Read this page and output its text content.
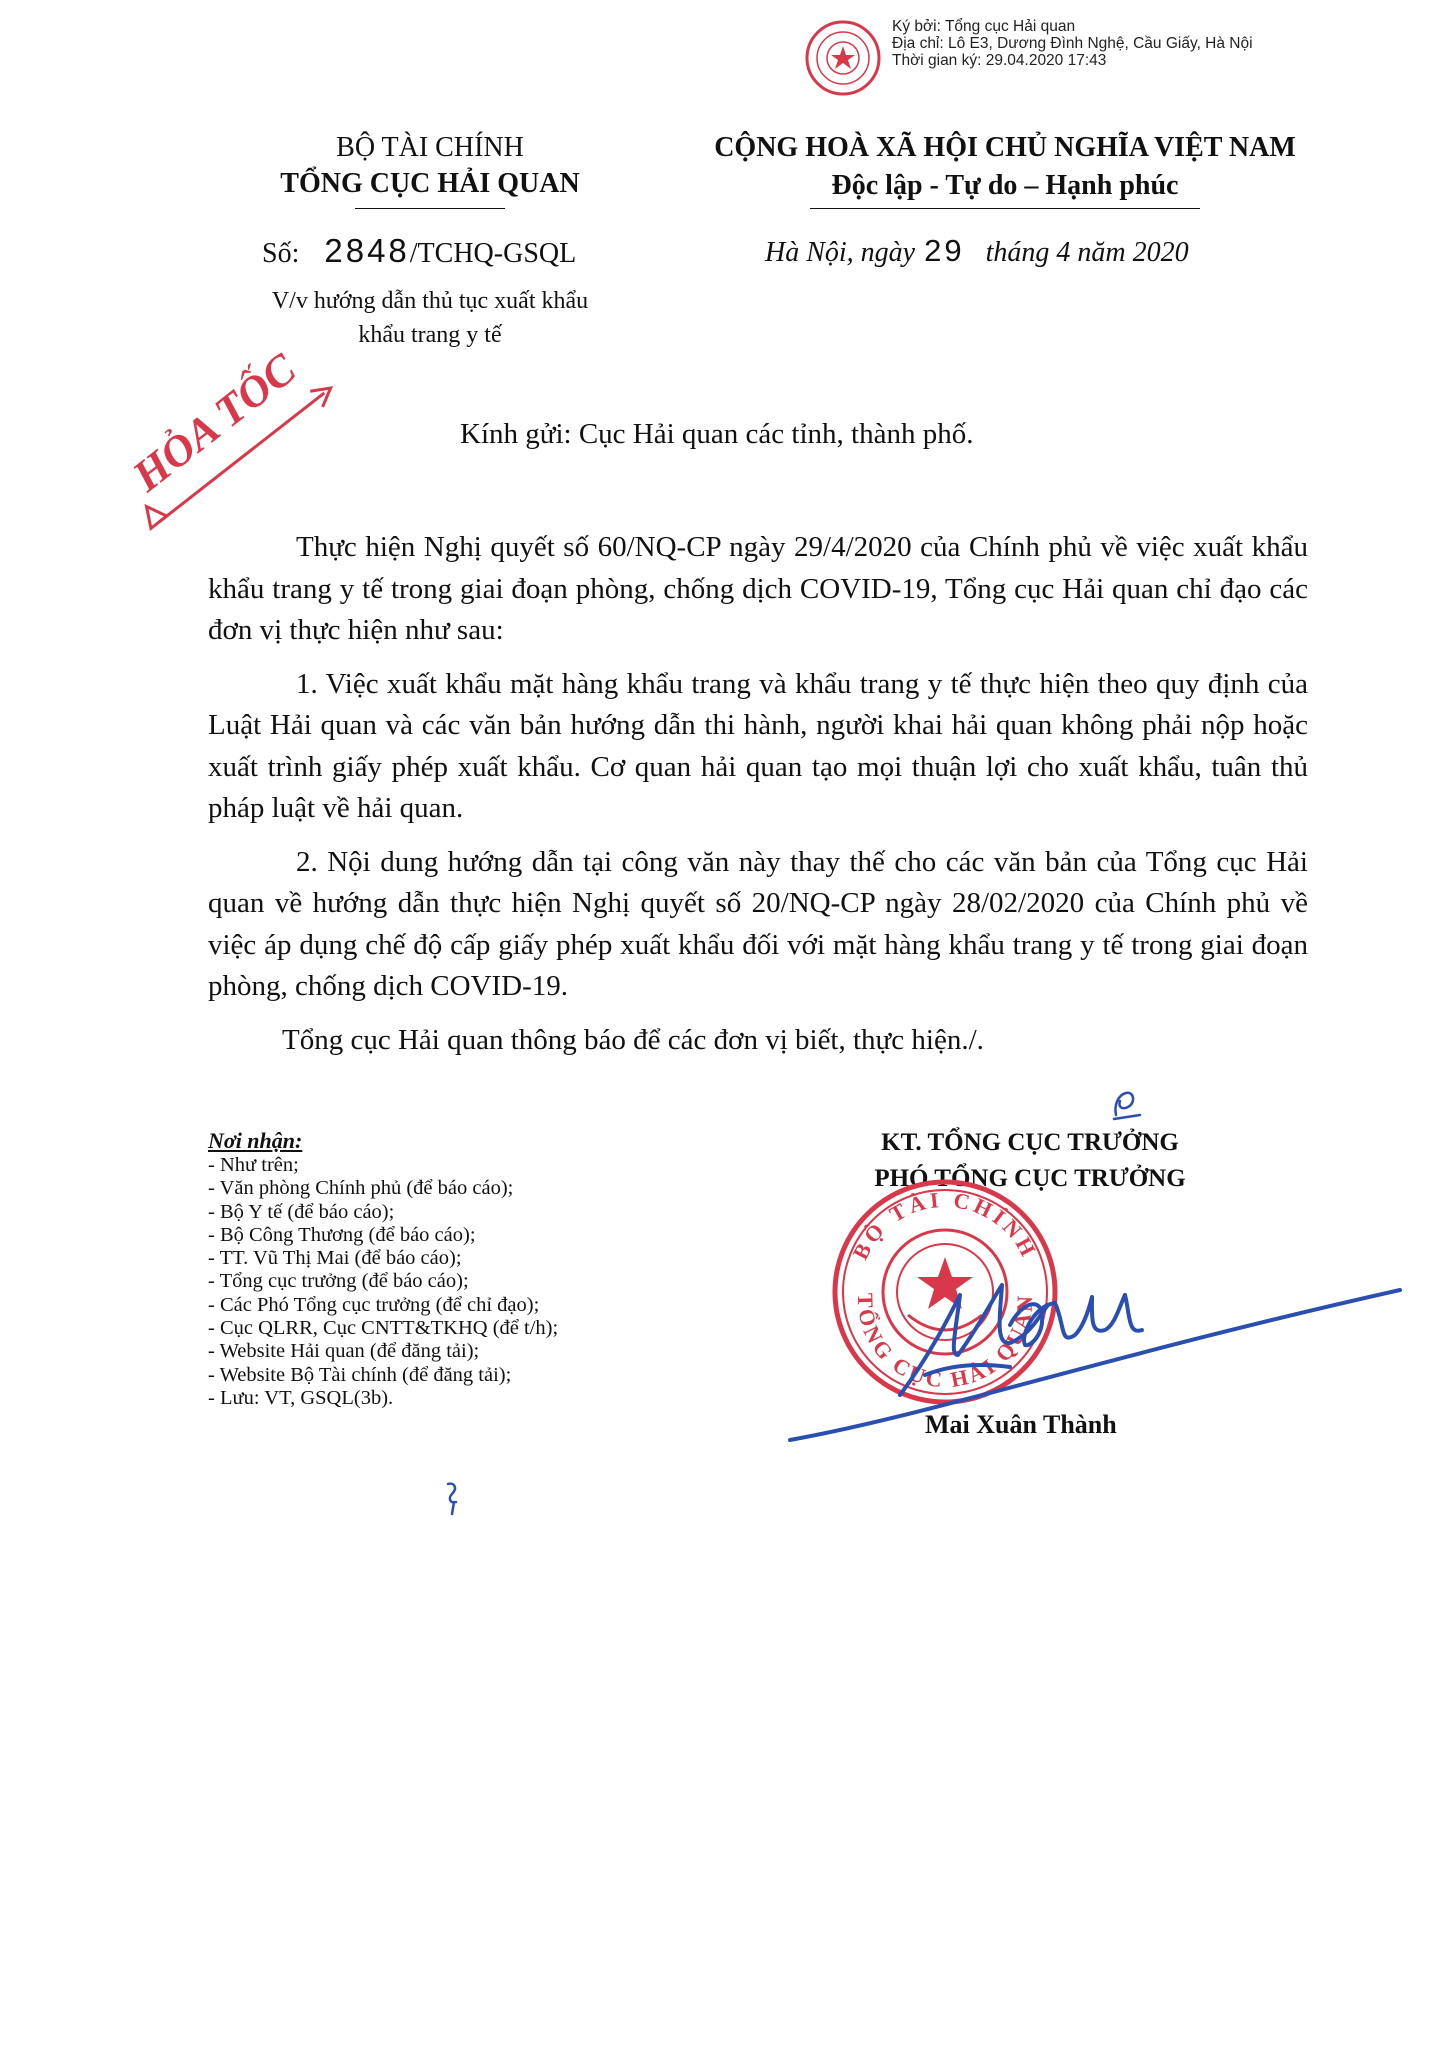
Ký bởi: Tổng cục Hải quan
Địa chỉ: Lô E3, Dương Đình Nghệ, Cầu Giấy, Hà Nội
Thời gian ký: 29.04.2020 17:43
BỘ TÀI CHÍNH
TỔNG CỤC HẢI QUAN
CỘNG HOÀ XÃ HỘI CHỦ NGHĨA VIỆT NAM
Độc lập - Tự do – Hạnh phúc
Số: 2848/TCHQ-GSQL	Hà Nội, ngày 29 tháng 4 năm 2020
V/v hướng dẫn thủ tục xuất khẩu
khẩu trang y tế
HỎA TỐC	Kính gửi: Cục Hải quan các tỉnh, thành phố.

Thực hiện Nghị quyết số 60/NQ-CP ngày 29/4/2020 của Chính phủ về việc xuất khẩu khẩu trang y tế trong giai đoạn phòng, chống dịch COVID-19, Tổng cục Hải quan chỉ đạo các đơn vị thực hiện như sau:

1. Việc xuất khẩu mặt hàng khẩu trang và khẩu trang y tế thực hiện theo quy định của Luật Hải quan và các văn bản hướng dẫn thi hành, người khai hải quan không phải nộp hoặc xuất trình giấy phép xuất khẩu. Cơ quan hải quan tạo mọi thuận lợi cho xuất khẩu, tuân thủ pháp luật về hải quan.

2. Nội dung hướng dẫn tại công văn này thay thế cho các văn bản của Tổng cục Hải quan về hướng dẫn thực hiện Nghị quyết số 20/NQ-CP ngày 28/02/2020 của Chính phủ về việc áp dụng chế độ cấp giấy phép xuất khẩu đối với mặt hàng khẩu trang y tế trong giai đoạn phòng, chống dịch COVID-19.

Tổng cục Hải quan thông báo để các đơn vị biết, thực hiện./.

Nơi nhận:
- Như trên;
- Văn phòng Chính phủ (để báo cáo);
- Bộ Y tế (để báo cáo);
- Bộ Công Thương (để báo cáo);
- TT. Vũ Thị Mai (để báo cáo);
- Tổng cục trưởng (để báo cáo);
- Các Phó Tổng cục trưởng (để chỉ đạo);
- Cục QLRR, Cục CNTT&TKHQ (để t/h);
- Website Hải quan (để đăng tải);
- Website Bộ Tài chính (để đăng tải);
- Lưu: VT, GSQL(3b).
KT. TỔNG CỤC TRƯỞNG
PHÓ TỔNG CỤC TRƯỞNG
BỘ TÀI CHÍNH
TỔNG CỤC HẢI QUAN
Mai Xuân Thành
